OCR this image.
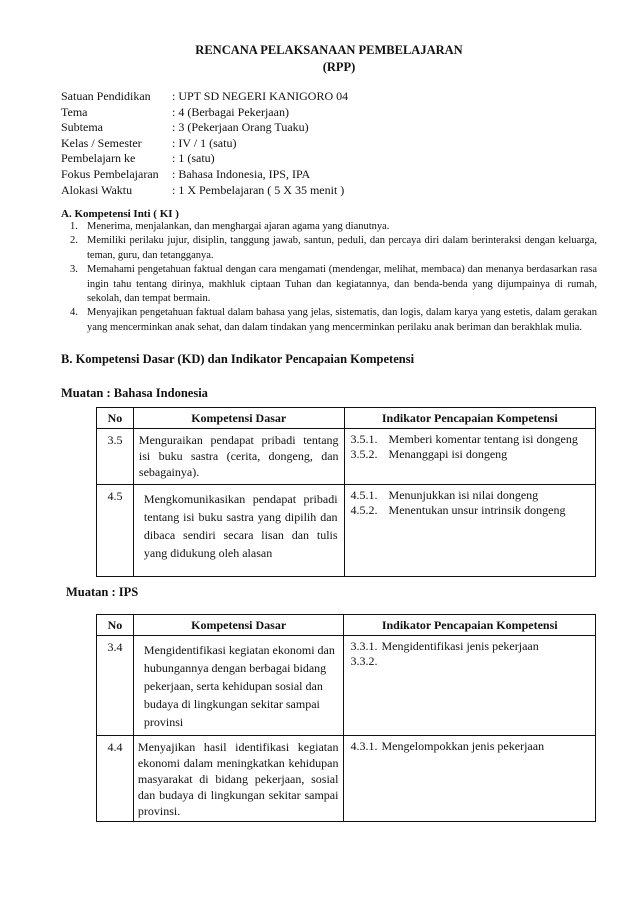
RENCANA PELAKSANAAN PEMBELAJARAN
(RPP)
Satuan Pendidikan	: UPT SD NEGERI KANIGORO 04
Tema	: 4 (Berbagai Pekerjaan)
Subtema	: 3 (Pekerjaan Orang Tuaku)
Kelas / Semester	: IV / 1 (satu)
Pembelajarn ke	: 1 (satu)
Fokus Pembelajaran	: Bahasa Indonesia, IPS, IPA
Alokasi Waktu	: 1 X Pembelajaran ( 5 X 35 menit )
A. Kompetensi Inti ( KI )
1. Menerima, menjalankan, dan menghargai ajaran agama yang dianutnya.
2. Memiliki perilaku jujur, disiplin, tanggung jawab, santun, peduli, dan percaya diri dalam berinteraksi dengan keluarga, teman, guru, dan tetangganya.
3. Memahami pengetahuan faktual dengan cara mengamati (mendengar, melihat, membaca) dan menanya berdasarkan rasa ingin tahu tentang dirinya, makhluk ciptaan Tuhan dan kegiatannya, dan benda-benda yang dijumpainya di rumah, sekolah, dan tempat bermain.
4. Menyajikan pengetahuan faktual dalam bahasa yang jelas, sistematis, dan logis, dalam karya yang estetis, dalam gerakan yang mencerminkan anak sehat, dan dalam tindakan yang mencerminkan perilaku anak beriman dan berakhlak mulia.
B. Kompetensi Dasar (KD) dan Indikator Pencapaian Kompetensi
Muatan : Bahasa Indonesia
No	Kompetensi Dasar	Indikator Pencapaian Kompetensi
3.5	Menguraikan pendapat pribadi tentang isi buku sastra (cerita, dongeng, dan sebagainya).	3.5.1. Memberi komentar tentang isi dongeng
3.5.2. Menanggapi isi dongeng

4.5	Mengkomunikasikan pendapat pribadi tentang isi buku sastra yang dipilih dan dibaca sendiri secara lisan dan tulis yang didukung oleh alasan	4.5.1. Menunjukkan isi nilai dongeng
4.5.2. Menentukan unsur intrinsik dongeng
Muatan : IPS
No	Kompetensi Dasar	Indikator Pencapaian Kompetensi
3.4	Mengidentifikasi kegiatan ekonomi dan hubungannya dengan berbagai bidang pekerjaan, serta kehidupan sosial dan budaya di lingkungan sekitar sampai provinsi	3.3.1. Mengidentifikasi jenis pekerjaan
3.3.2.

4.4	Menyajikan hasil identifikasi kegiatan ekonomi dalam meningkatkan kehidupan masyarakat di bidang pekerjaan, sosial dan budaya di lingkungan sekitar sampai provinsi.	4.3.1. Mengelompokkan jenis pekerjaan
